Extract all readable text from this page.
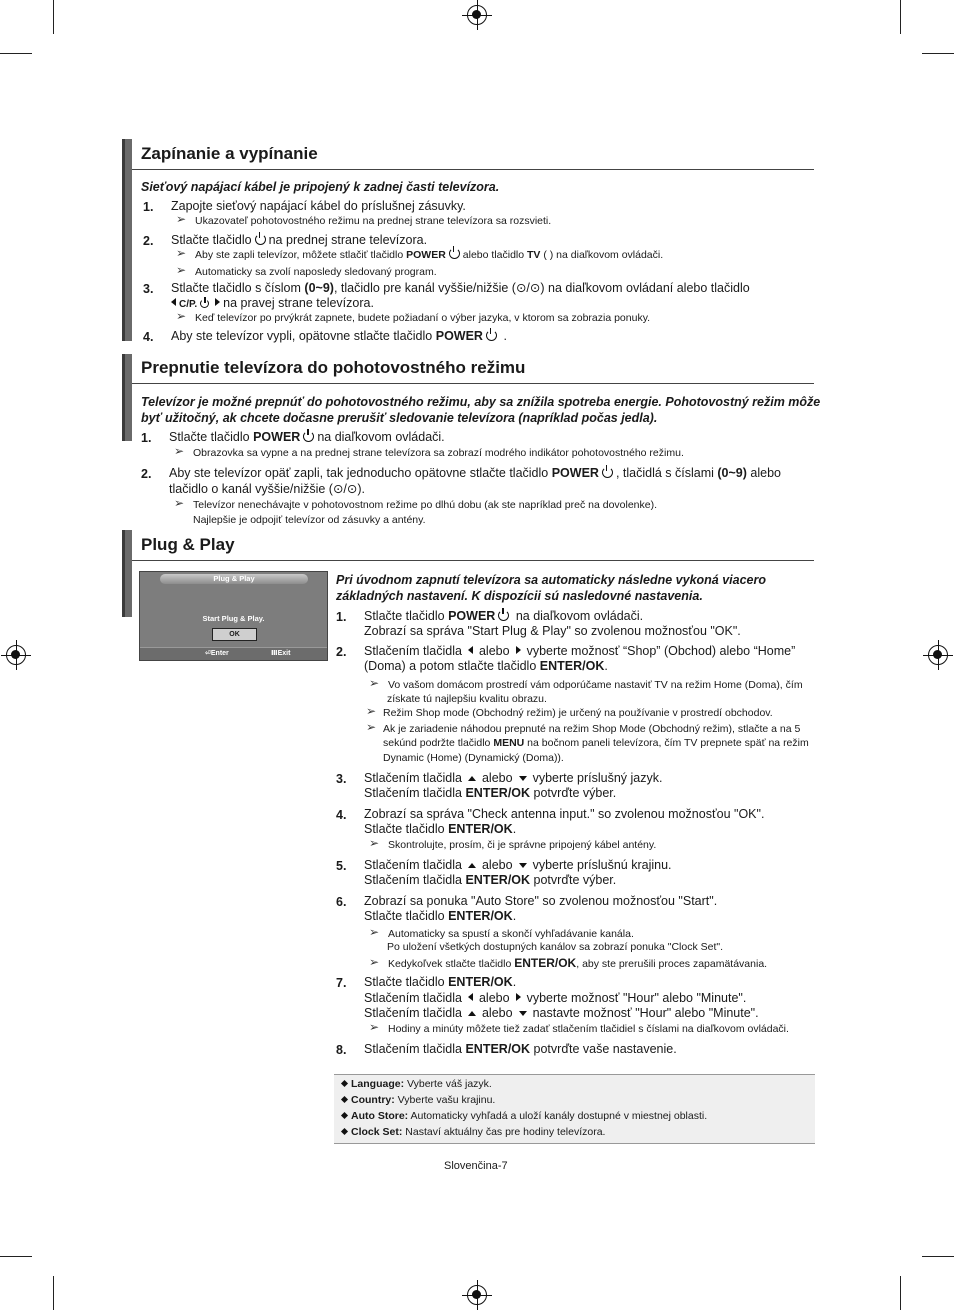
Zapínanie a vypínanie
Sieťový napájací kábel je pripojený k zadnej časti televízora.
1. Zapojte sieťový napájací kábel do príslušnej zásuvky.
➢Ukazovateľ pohotovostného režimu na prednej strane televízora sa rozsvieti.
2. Stlačte tlačidlo na prednej strane televízora.
➢Aby ste zapli televízor, môžete stlačiť tlačidlo POWER alebo tlačidlo TV ( ) na diaľkovom ovládači.
➢Automaticky sa zvolí naposledy sledovaný program.
3. Stlačte tlačidlo s číslom (0~9), tlačidlo pre kanál vyššie/nižšie (⊙/⊙) na diaľkovom ovládaní alebo tlačidlo
C/P. na pravej strane televízora.
➢Keď televízor po prvýkrát zapnete, budete požiadaní o výber jazyka, v ktorom sa zobrazia ponuky.
4. Aby ste televízor vypli, opätovne stlačte tlačidlo POWER .
Prepnutie televízora do pohotovostného režimu
Televízor je možné prepnúť do pohotovostného režimu, aby sa znížila spotreba energie. Pohotovostný režim môže
byť užitočný, ak chcete dočasne prerušiť sledovanie televízora (napríklad počas jedla).
1. Stlačte tlačidlo POWER na diaľkovom ovládači.
➢Obrazovka sa vypne a na prednej strane televízora sa zobrazí modrého indikátor pohotovostného režimu.
2. Aby ste televízor opäť zapli, tak jednoducho opätovne stlačte tlačidlo POWER , tlačidlá s číslami (0~9) alebo
tlačidlo o kanál vyššie/nižšie (⊙/⊙).
➢Televízor nenechávajte v pohotovostnom režime po dlhú dobu (ak ste napríklad preč na dovolenke).
Najlepšie je odpojiť televízor od zásuvky a antény.
Plug & Play
Plug & Play
Start Plug & Play.
OK
⏎Enter	ⅢExit
Pri úvodnom zapnutí televízora sa automaticky následne vykoná viacero
základných nastavení. K dispozícii sú nasledovné nastavenia.
1. Stlačte tlačidlo POWER na diaľkovom ovládači.
Zobrazí sa správa "Start Plug & Play" so zvolenou možnosťou "OK".
2. Stlačením tlačidla alebo vyberte možnosť “Shop” (Obchod) alebo “Home”
(Doma) a potom stlačte tlačidlo ENTER/OK.
➢Vo vašom domácom prostredí vám odporúčame nastaviť TV na režim Home (Doma), čím
získate tú najlepšiu kvalitu obrazu.
➢Režim Shop mode (Obchodný režim) je určený na používanie v prostredí obchodov.
➢Ak je zariadenie náhodou prepnuté na režim Shop Mode (Obchodný režim), stlačte a na 5
sekúnd podržte tlačidlo MENU na bočnom paneli televízora, čím TV prepnete späť na režim
Dynamic (Home) (Dynamický (Doma)).
3. Stlačením tlačidla alebo vyberte príslušný jazyk.
Stlačením tlačidla ENTER/OK potvrďte výber.
4. Zobrazí sa správa "Check antenna input." so zvolenou možnosťou "OK".
Stlačte tlačidlo ENTER/OK.
➢Skontrolujte, prosím, či je správne pripojený kábel antény.
5. Stlačením tlačidla alebo vyberte príslušnú krajinu.
Stlačením tlačidla ENTER/OK potvrďte výber.
6. Zobrazí sa ponuka "Auto Store" so zvolenou možnosťou "Start".
Stlačte tlačidlo ENTER/OK.
➢Automaticky sa spustí a skončí vyhľadávanie kanála.
Po uložení všetkých dostupných kanálov sa zobrazí ponuka "Clock Set".
➢Kedykoľvek stlačte tlačidlo ENTER/OK, aby ste prerušili proces zapamätávania.
7. Stlačte tlačidlo ENTER/OK.
Stlačením tlačidla alebo vyberte možnosť "Hour" alebo "Minute".
Stlačením tlačidla alebo nastavte možnosť "Hour" alebo "Minute".
➢Hodiny a minúty môžete tiež zadať stlačením tlačidiel s číslami na diaľkovom ovládači.
8. Stlačením tlačidla ENTER/OK potvrďte vaše nastavenie.
Language: Vyberte váš jazyk.
Country: Vyberte vašu krajinu.
Auto Store: Automaticky vyhľadá a uloží kanály dostupné v miestnej oblasti.
Clock Set: Nastaví aktuálny čas pre hodiny televízora.
Slovenčina-7
